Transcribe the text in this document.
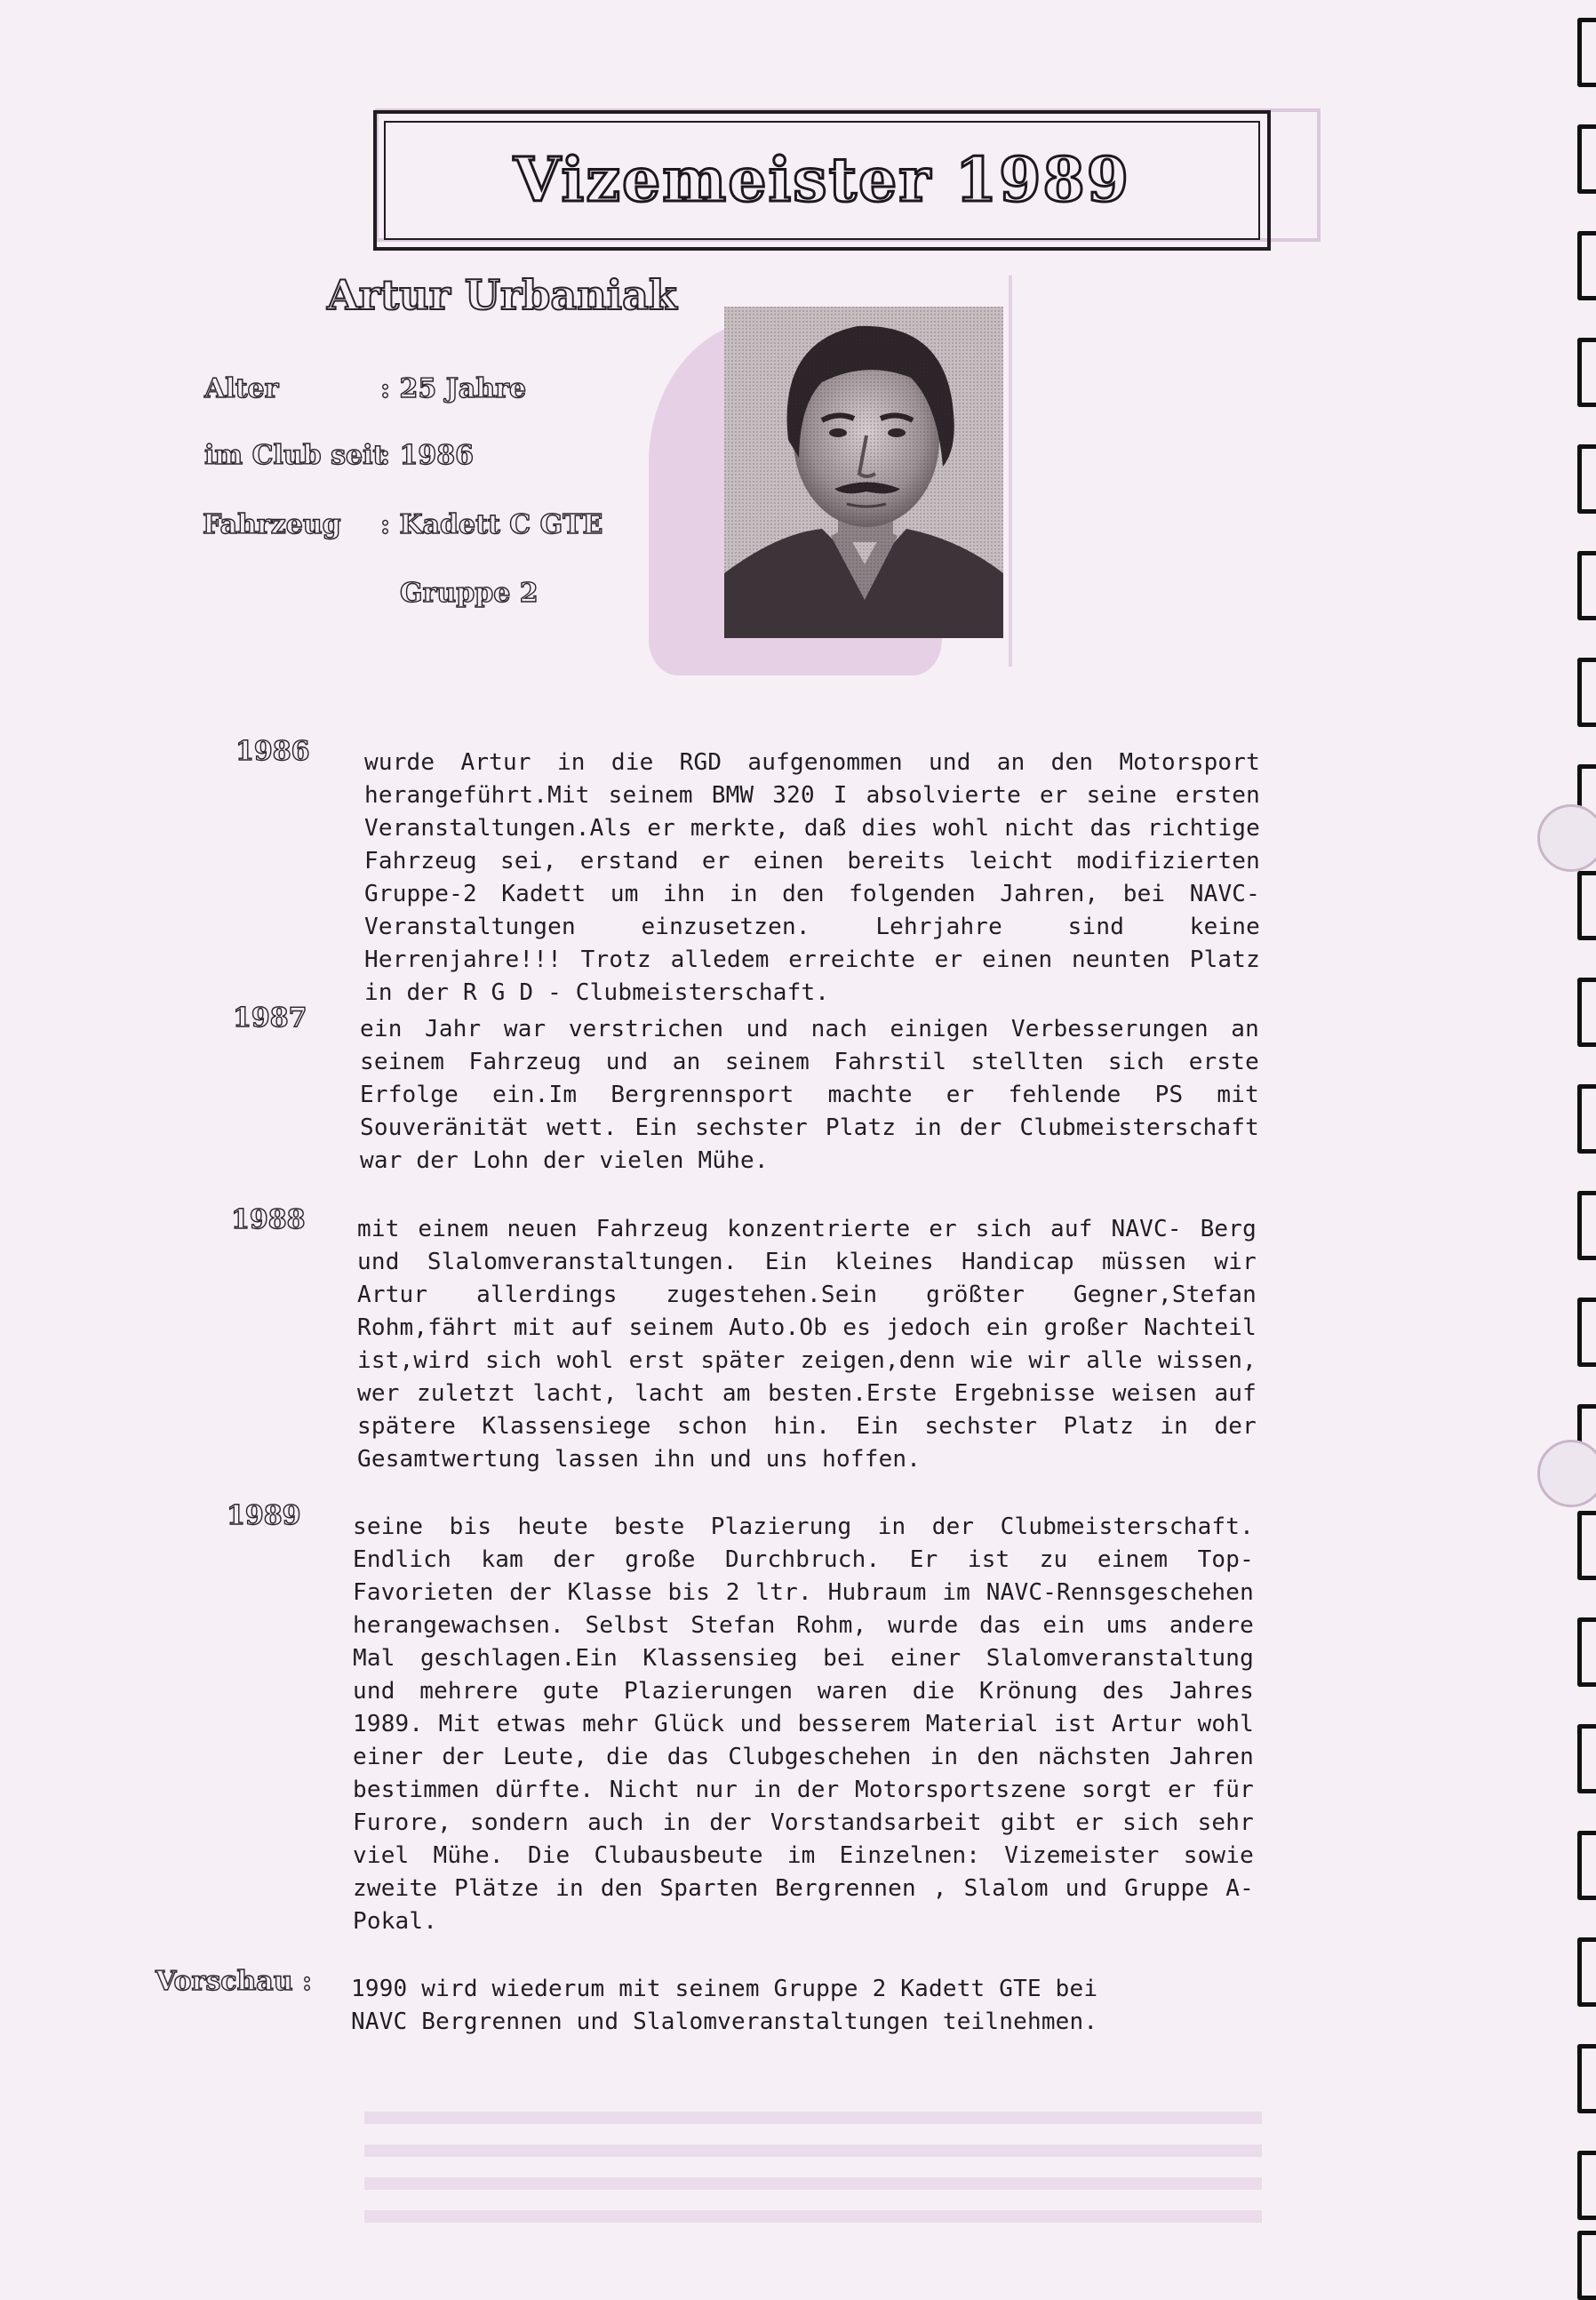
Vizemeister 1989
Artur Urbaniak
Alter	: 25 Jahre
im Club seit
: 1986
Fahrzeug : Kadett C GTE
Gruppe 2
1986 wurde Artur in die RGD aufgenommen und an den Motorsport herangeführt.Mit seinem BMW 320 I absolvierte er seine ersten Veranstaltungen.Als er merkte, daß dies wohl nicht das richtige Fahrzeug sei, erstand er einen bereits leicht modifizierten Gruppe-2 Kadett um ihn in den folgenden Jahren, bei NAVC-Veranstaltungen einzusetzen. Lehrjahre sind keine Herrenjahre!!! Trotz alledem erreichte er einen neunten Platz in der R G D - Clubmeisterschaft.

1987 ein Jahr war verstrichen und nach einigen Verbesserungen an seinem Fahrzeug und an seinem Fahrstil stellten sich erste Erfolge ein.Im Bergrennsport machte er fehlende PS mit Souveränität wett. Ein sechster Platz in der Clubmeisterschaft war der Lohn der vielen Mühe.

1988 mit einem neuen Fahrzeug konzentrierte er sich auf NAVC- Berg und Slalomveranstaltungen. Ein kleines Handicap müssen wir Artur allerdings zugestehen.Sein größter Gegner,Stefan Rohm,fährt mit auf seinem Auto.Ob es jedoch ein großer Nachteil ist,wird sich wohl erst später zeigen,denn wie wir alle wissen, wer zuletzt lacht, lacht am besten.Erste Ergebnisse weisen auf spätere Klassensiege schon hin. Ein sechster Platz in der Gesamtwertung lassen ihn und uns hoffen.

1989 seine bis heute beste Plazierung in der Clubmeisterschaft. Endlich kam der große Durchbruch. Er ist zu einem Top-Favorieten der Klasse bis 2 ltr. Hubraum im NAVC-Rennsgeschehen herangewachsen. Selbst Stefan Rohm, wurde das ein ums andere Mal geschlagen.Ein Klassensieg bei einer Slalomveranstaltung und mehrere gute Plazierungen waren die Krönung des Jahres 1989. Mit etwas mehr Glück und besserem Material ist Artur wohl einer der Leute, die das Clubgeschehen in den nächsten Jahren bestimmen dürfte. Nicht nur in der Motorsportszene sorgt er für Furore, sondern auch in der Vorstandsarbeit gibt er sich sehr viel Mühe. Die Clubausbeute im Einzelnen: Vizemeister sowie zweite Plätze in den Sparten Bergrennen , Slalom und Gruppe A-Pokal.

Vorschau : 1990 wird wiederum mit seinem Gruppe 2 Kadett GTE bei NAVC Bergrennen und Slalomveranstaltungen teilnehmen.
